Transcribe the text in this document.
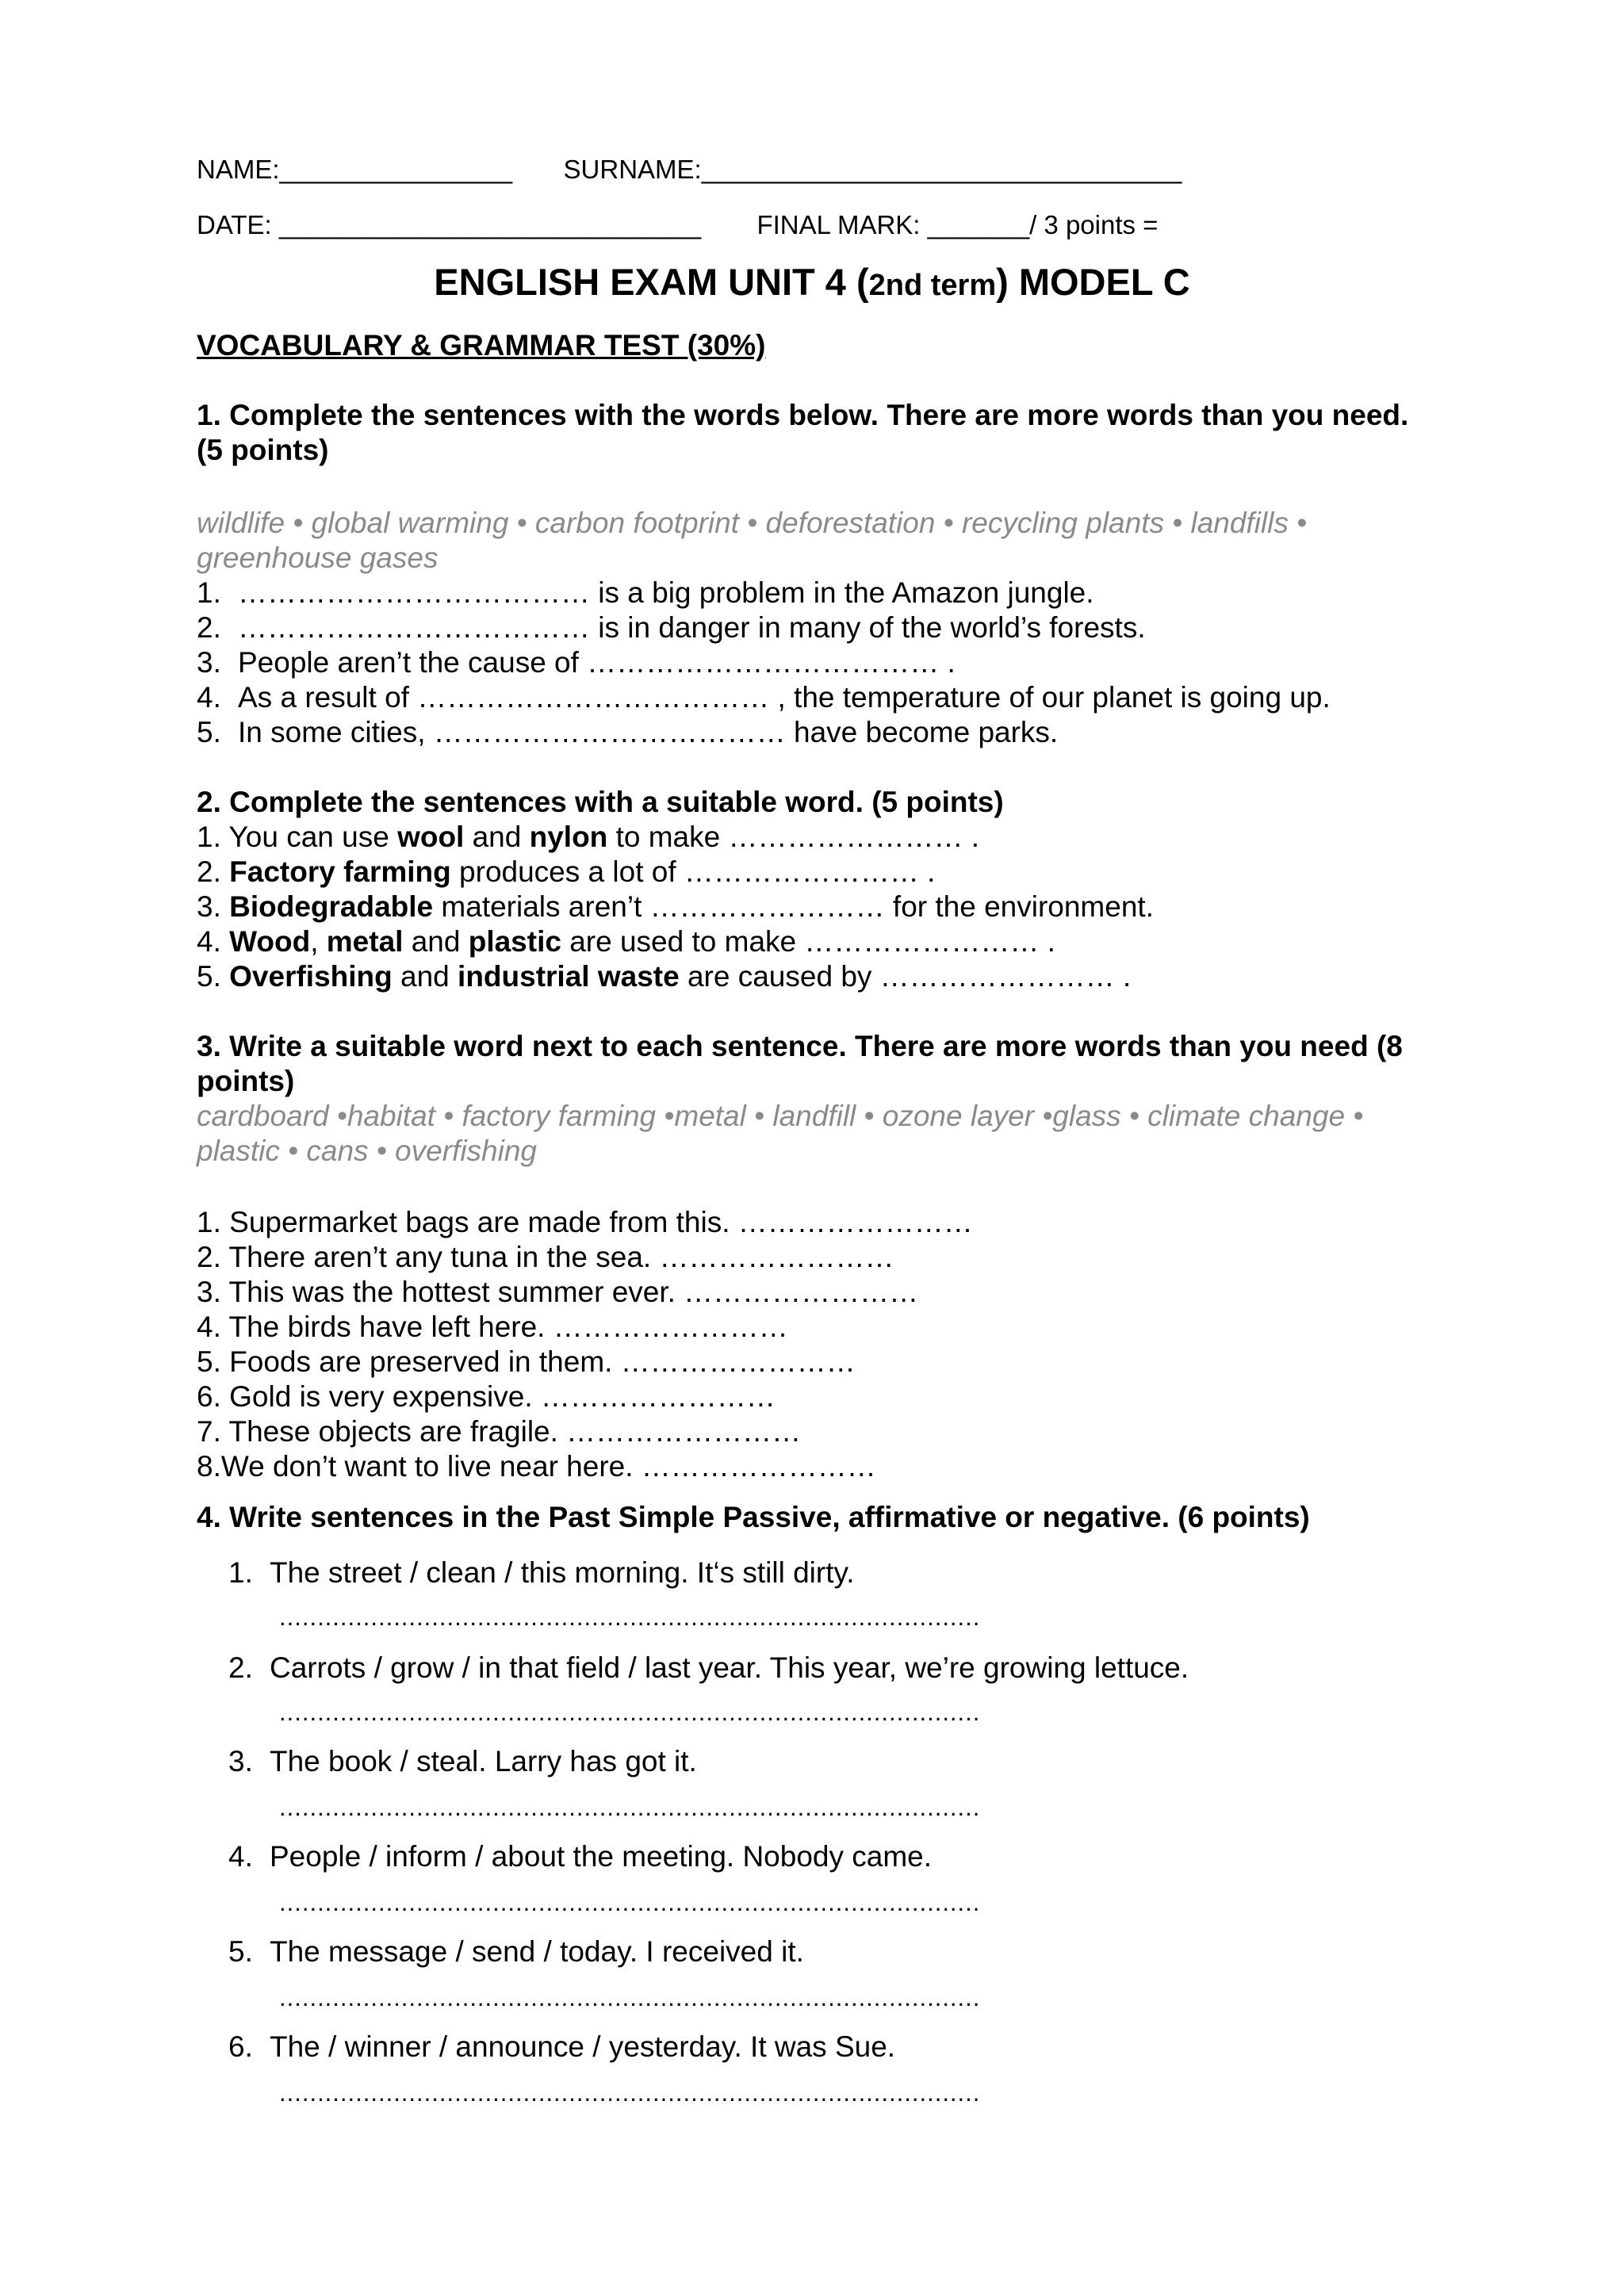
NAME:________________ SURNAME:_________________________________
DATE: _____________________________ FINAL MARK: _______/ 3 points =
ENGLISH EXAM UNIT 4 (2nd term) MODEL C
VOCABULARY & GRAMMAR TEST (30%)
1. Complete the sentences with the words below. There are more words than you need.
(5 points)
wildlife • global warming • carbon footprint • deforestation • recycling plants • landfills •
greenhouse gases
1. ……………………………… is a big problem in the Amazon jungle.
2. ……………………………… is in danger in many of the world’s forests.
3. People aren’t the cause of ……………………………… .
4. As a result of ……………………………… , the temperature of our planet is going up.
5. In some cities, ……………………………… have become parks.
2. Complete the sentences with a suitable word. (5 points)
1. You can use wool and nylon to make …………………… .
2. Factory farming produces a lot of …………………… .
3. Biodegradable materials aren’t …………………… for the environment.
4. Wood, metal and plastic are used to make …………………… .
5. Overfishing and industrial waste are caused by …………………… .
3. Write a suitable word next to each sentence. There are more words than you need (8
points)
cardboard •habitat • factory farming •metal • landfill • ozone layer •glass • climate change •
plastic • cans • overfishing
1. Supermarket bags are made from this. ……………………
2. There aren’t any tuna in the sea. ……………………
3. This was the hottest summer ever. ……………………
4. The birds have left here. ……………………
5. Foods are preserved in them. ……………………
6. Gold is very expensive. ……………………
7. These objects are fragile. ……………………
8.We don’t want to live near here. ……………………
4. Write sentences in the Past Simple Passive, affirmative or negative. (6 points)
1. The street / clean / this morning. It‘s still dirty.
............................................................................................
2. Carrots / grow / in that field / last year. This year, we’re growing lettuce.
............................................................................................
3. The book / steal. Larry has got it.
............................................................................................
4. People / inform / about the meeting. Nobody came.
............................................................................................
5. The message / send / today. I received it.
............................................................................................
6. The / winner / announce / yesterday. It was Sue.
............................................................................................
